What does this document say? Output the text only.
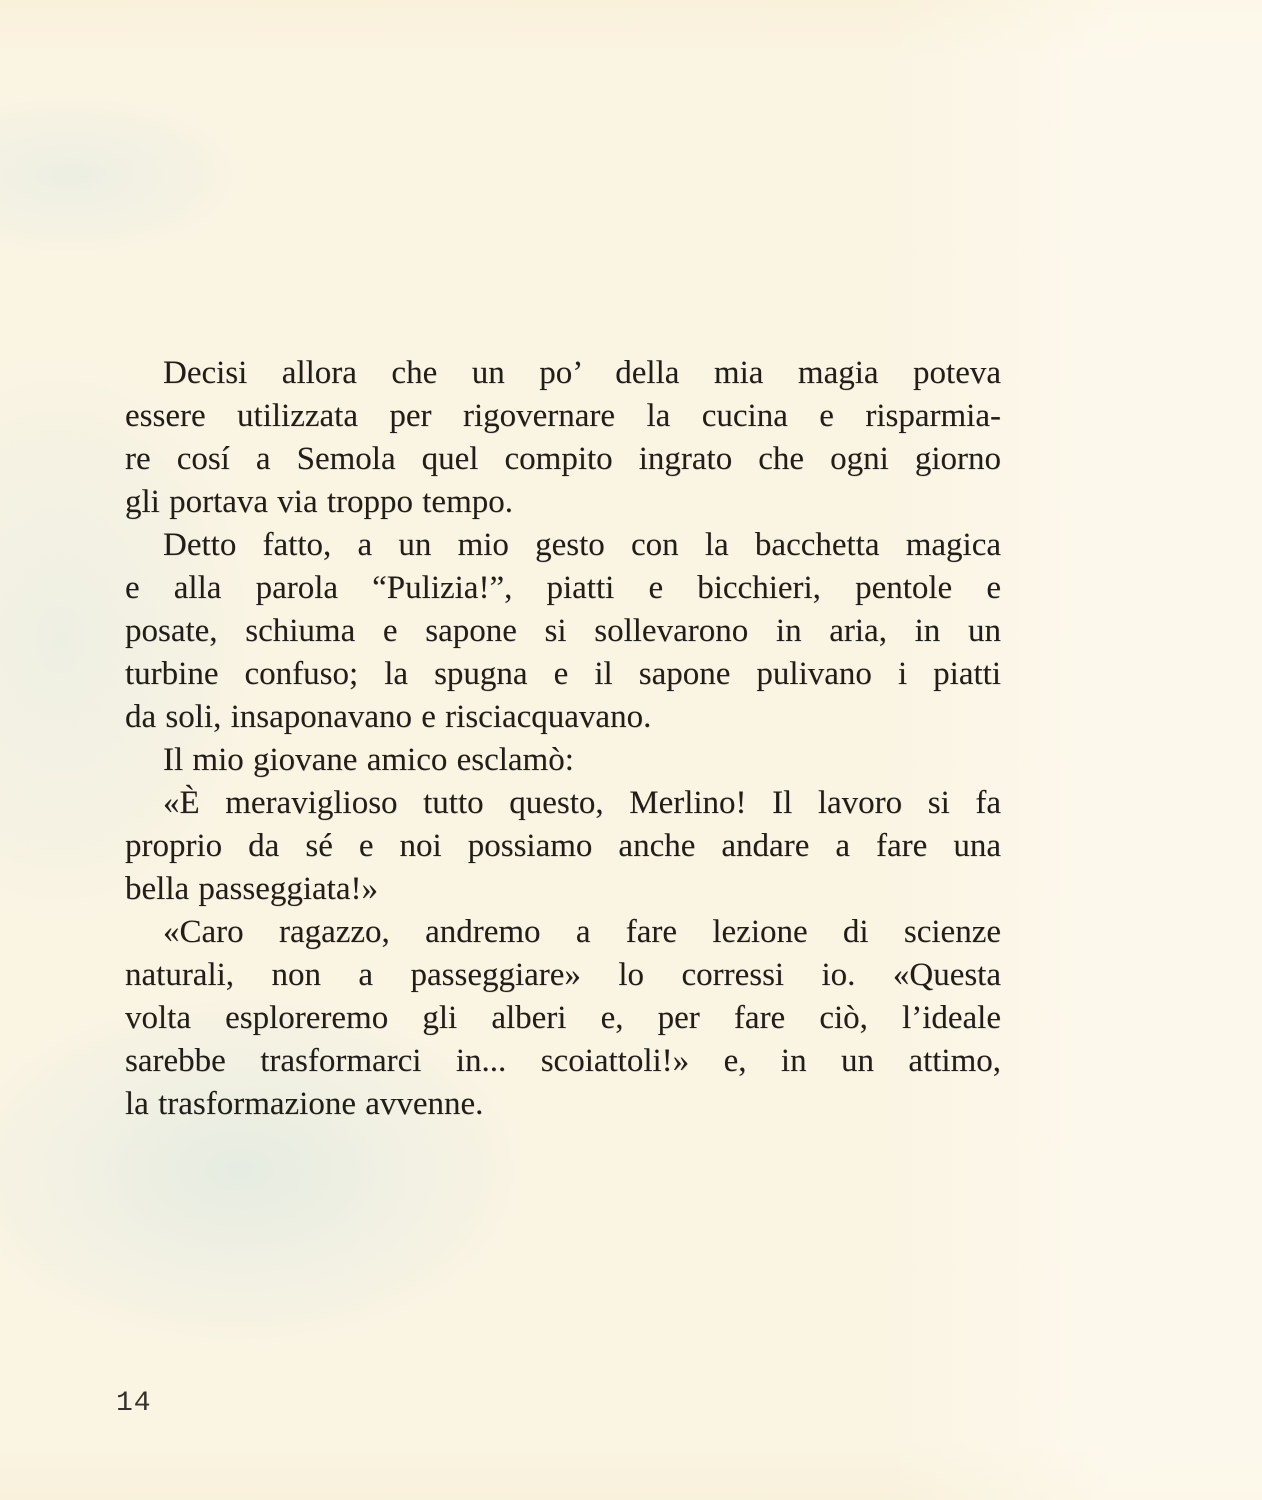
Decisi allora che un po’ della mia magia poteva
essere utilizzata per rigovernare la cucina e risparmia-
re cosí a Semola quel compito ingrato che ogni giorno
gli portava via troppo tempo.
Detto fatto, a un mio gesto con la bacchetta magica
e alla parola “Pulizia!”, piatti e bicchieri, pentole e
posate, schiuma e sapone si sollevarono in aria, in un
turbine confuso; la spugna e il sapone pulivano i piatti
da soli, insaponavano e risciacquavano.
Il mio giovane amico esclamò:
«È meraviglioso tutto questo, Merlino! Il lavoro si fa
proprio da sé e noi possiamo anche andare a fare una
bella passeggiata!»
«Caro ragazzo, andremo a fare lezione di scienze
naturali, non a passeggiare» lo corressi io. «Questa
volta esploreremo gli alberi e, per fare ciò, l’ideale
sarebbe trasformarci in... scoiattoli!» e, in un attimo,
la trasformazione avvenne.
14
